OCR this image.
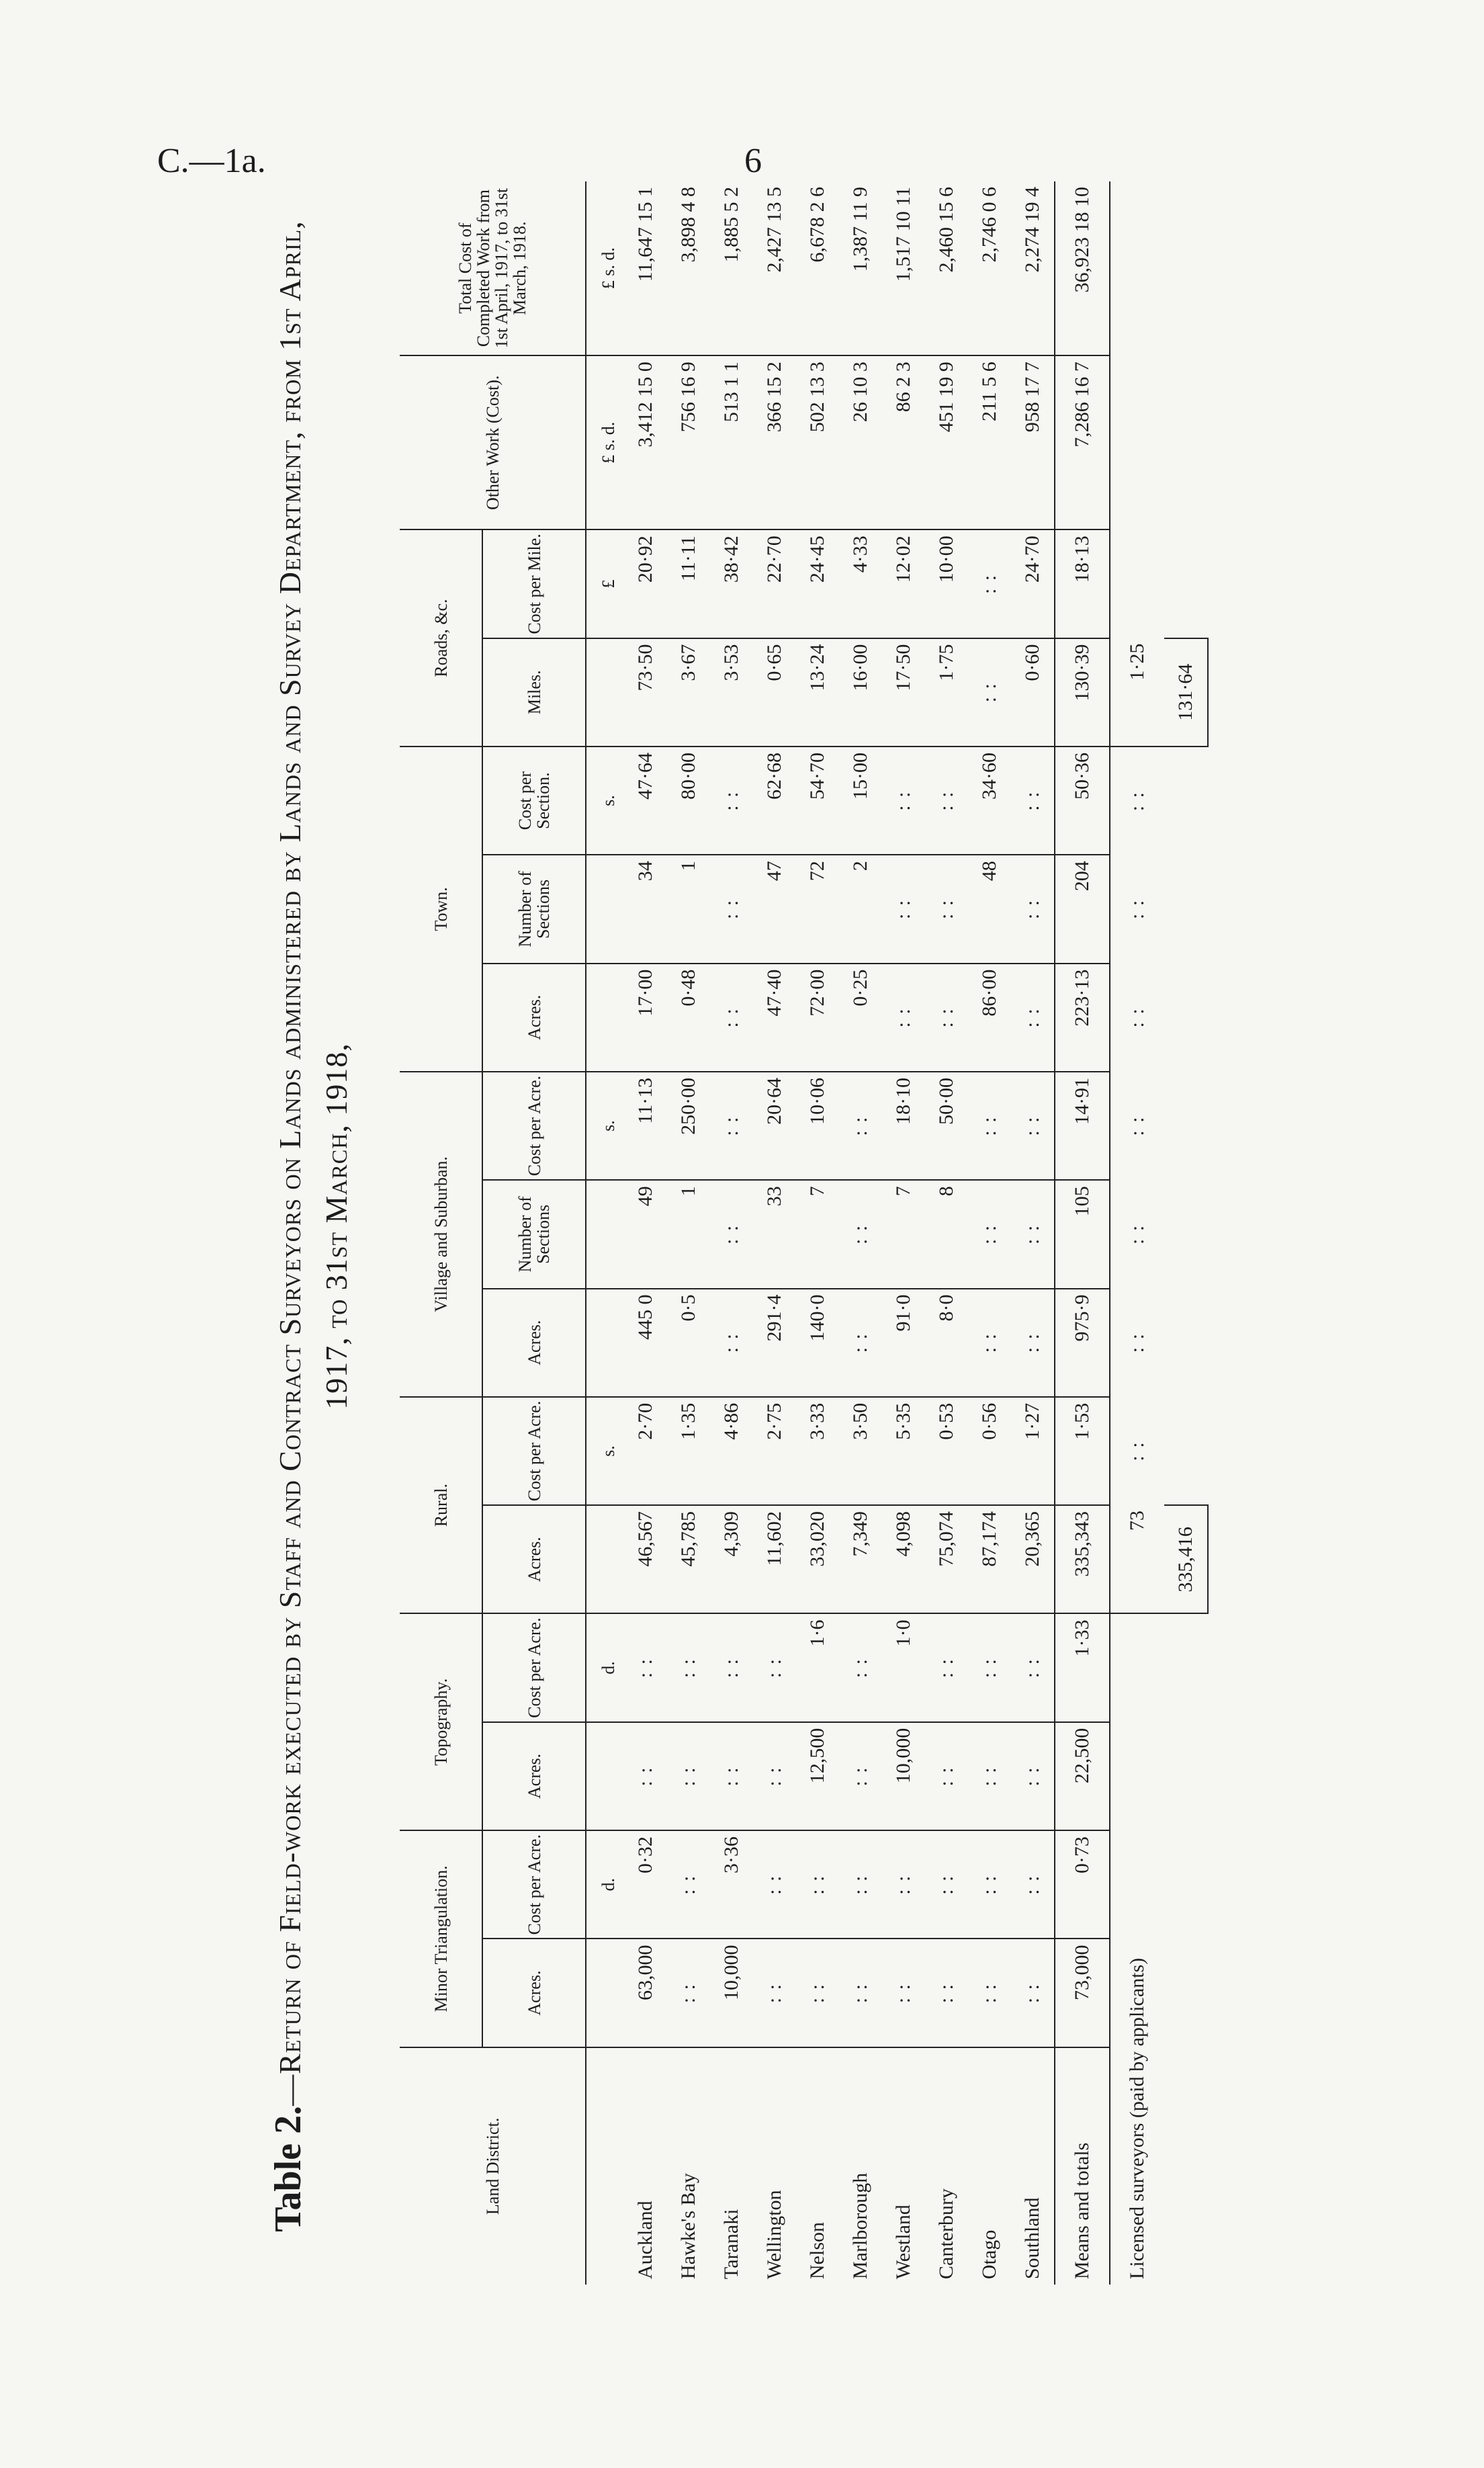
C.—1a.	6
Table 2.—Return of Field-work executed by Staff and Contract Surveyors on Lands administered by Lands and Survey Department, from 1st April, 1917, to 31st March, 1918,
Land District.	Minor Triangulation.		Topography.		Rural.		Village and Suburban.			Town.			Roads, &c.		Other Work (Cost).	Total Cost of Completed Work from 1st April, 1917, to 31st March, 1918.
	Acres.	Cost per Acre.	Acres.	Cost per Acre.	Acres.	Cost per Acre.	Acres.	Number of Sections	Cost per Acre.	Acres.	Number of Sections	Cost per Section.	Miles.	Cost per Mile.		
		d.		d.		s.			s.			s.		£	£ s. d.	£ s. d.
Auckland	63,000	0·32	: :	: :	46,567	2·70	445 0	49	11·13	17·00	34	47·64	73·50	20·92	3,412 15 0	11,647 15 1
Hawke's Bay	: :	: :	: :	: :	45,785	1·35	0·5	1	250·00	0·48	1	80·00	3·67	11·11	756 16 9	3,898 4 8
Taranaki	10,000	3·36	: :	: :	4,309	4·86	: :	: :	: :	: :	: :	: :	3·53	38·42	513 1 1	1,885 5 2
Wellington	: :	: :	: :	: :	11,602	2·75	291·4	33	20·64	47·40	47	62·68	0·65	22·70	366 15 2	2,427 13 5
Nelson	: :	: :	12,500	1·6	33,020	3·33	140·0	7	10·06	72·00	72	54·70	13·24	24·45	502 13 3	6,678 2 6
Marlborough	: :	: :	: :	: :	7,349	3·50	: :	: :	: :	0·25	2	15·00	16·00	4·33	26 10 3	1,387 11 9
Westland	: :	: :	10,000	1·0	4,098	5·35	91·0	7	18·10	: :	: :	: :	17·50	12·02	86 2 3	1,517 10 11
Canterbury	: :	: :	: :	: :	75,074	0·53	8·0	8	50·00	: :	: :	: :	1·75	10·00	451 19 9	2,460 15 6
Otago	: :	: :	: :	: :	87,174	0·56	: :	: :	: :	86·00	48	34·60	: :	: :	211 5 6	2,746 0 6
Southland	: :	: :	: :	: :	20,365	1·27	: :	: :	: :	: :	: :	: :	0·60	24·70	958 17 7	2,274 19 4
Means and totals	73,000	0·73	22,500	1·33	335,343	1·53	975·9	105	14·91	223·13	204	50·36	130·39	18·13	7,286 16 7	36,923 18 10
Licensed surveyors (paid by applicants)					73	: :	: :	: :	: :	: :	: :	: :	1·25			
					335,416								131·64			
